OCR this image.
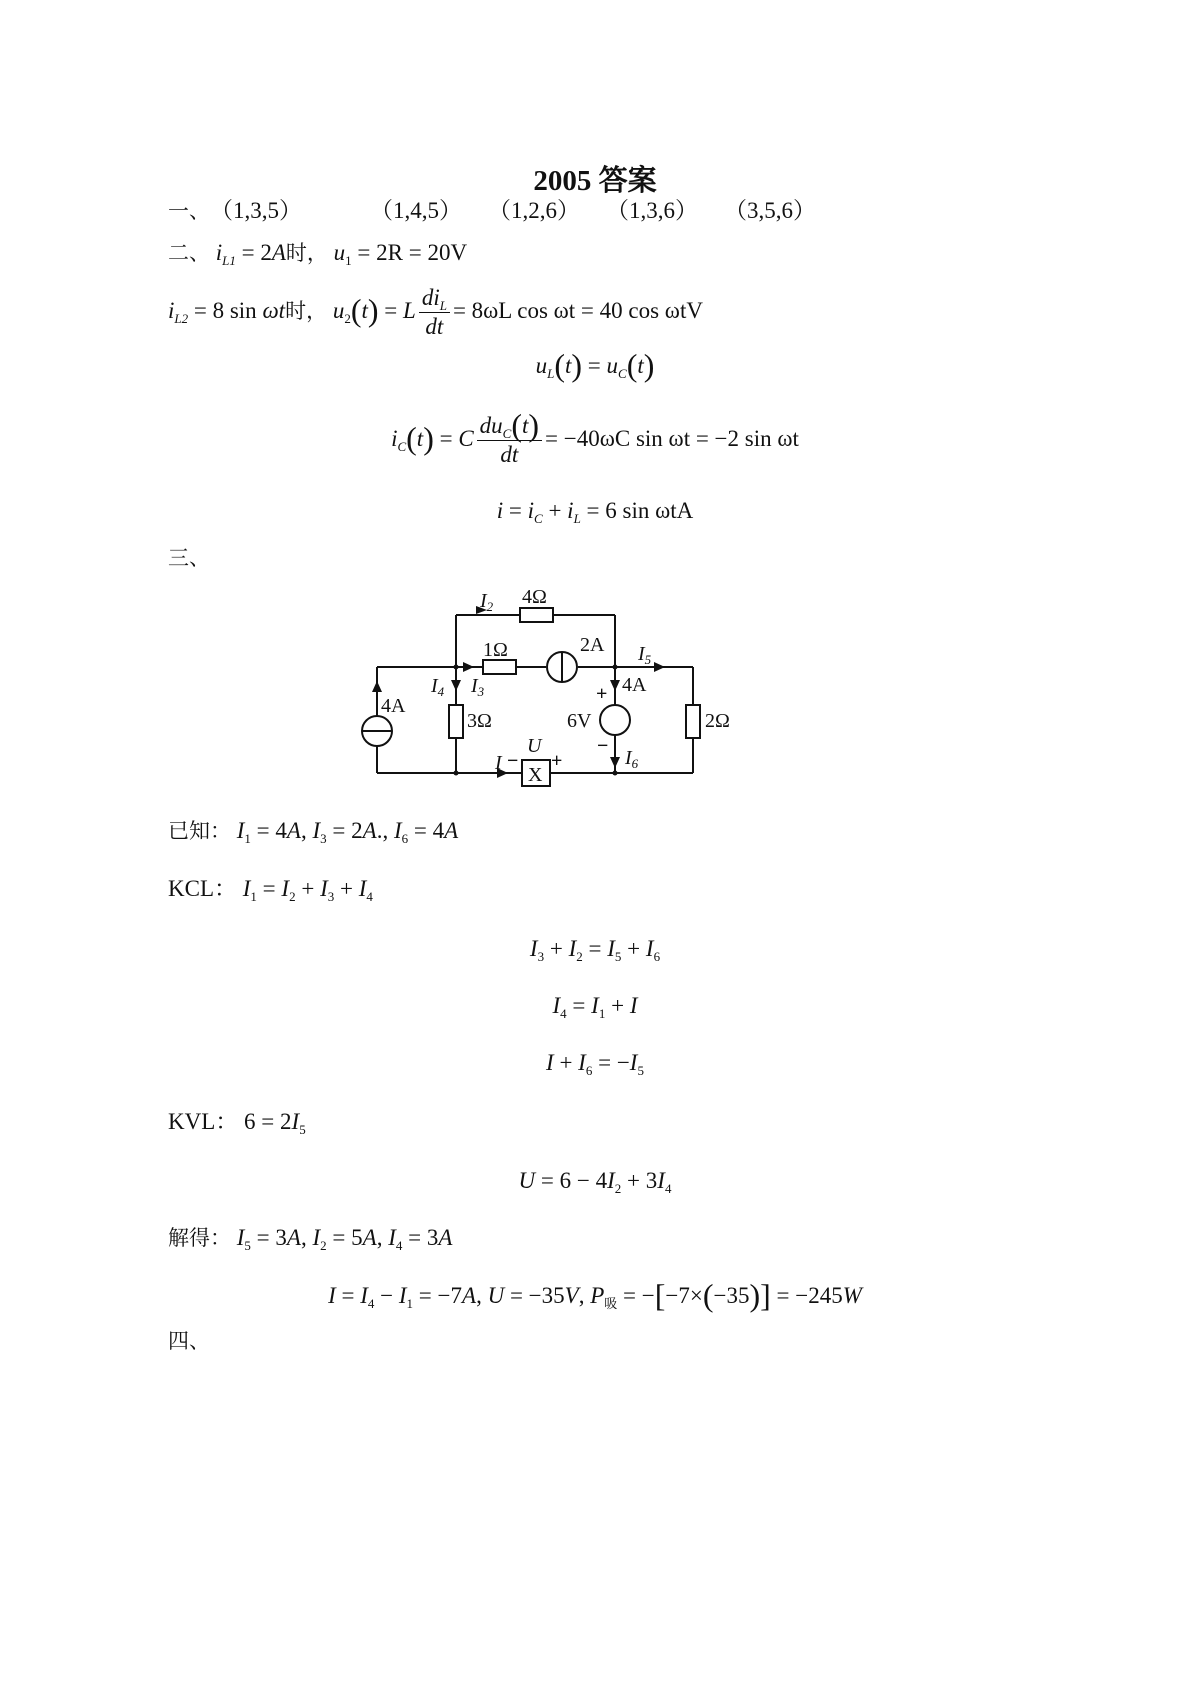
2005 答案
一、（1,3,5）	（1,4,5） （1,2,6） （1,3,6） （3,5,6）
二、 $i_{L1} = 2A$时， $u_1 = 2R = 20V$
$i_{L2} = 8$ sin ωt时， $u_2(t) = L \frac{di_L}{dt} = 8\omega L$ cos ωt = 40 cos ωtV
$u_L(t) = u_C(t)$
$i_C(t) = C \frac{du_C(t)}{dt} = -40\omega C$ sin ωt = −2 sin ωt
$i = i_C + i_L = 6$ sin ωtA
三、
$I_2$ 4Ω
1Ω	2A $I_5$
$I_4$ $I_3$	4A
4A
3Ω	6V	2Ω
U
I
X
$I_6$
+
−
− +
已知： $I_1 = 4A$, $I_3 = 2A$., $I_6 = 4A$
KCL： $I_1 = I_2 + I_3 + I_4$
$I_3 + I_2 = I_5 + I_6$
$I_4 = I_1 + I$
$I + I_6 = -I_5$
KVL： $6 = 2I_5$
$U = 6 - 4I_2 + 3I_4$
解得： $I_5 = 3A$, $I_2 = 5A$, $I_4 = 3A$
$I = I_4 - I_1 = -7A$, U = −35V, $P_吸 = -[-7\times(-35)] = -245W$
四、
